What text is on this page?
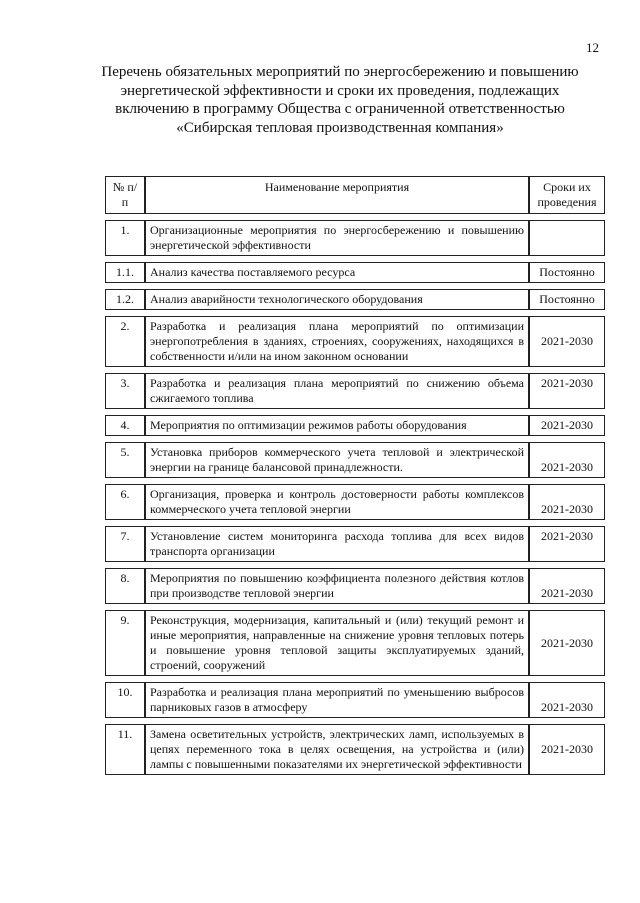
12
Перечень обязательных мероприятий по энергосбережению и повышению
энергетической эффективности и сроки их проведения, подлежащих
включению в программу Общества с ограниченной ответственностью
«Сибирская тепловая производственная компания»
№ п/п	Наименование мероприятия	Сроки их проведения
1.	Организационные мероприятия по энергосбережению и повышению энергетической эффективности	
1.1.	Анализ качества поставляемого ресурса	Постоянно
1.2.	Анализ аварийности технологического оборудования	Постоянно
2.	Разработка и реализация плана мероприятий по оптимизации энергопотребления в зданиях, строениях, сооружениях, находящихся в собственности и/или на ином законном основании	2021-2030
3.	Разработка и реализация плана мероприятий по снижению объема сжигаемого топлива	2021-2030
4.	Мероприятия по оптимизации режимов работы оборудования	2021-2030
5.	Установка приборов коммерческого учета тепловой и электрической энергии на границе балансовой принадлежности.	2021-2030
6.	Организация, проверка и контроль достоверности работы комплексов коммерческого учета тепловой энергии	2021-2030
7.	Установление систем мониторинга расхода топлива для всех видов транспорта организации	2021-2030
8.	Мероприятия по повышению коэффициента полезного действия котлов при производстве тепловой энергии	2021-2030
9.	Реконструкция, модернизация, капитальный и (или) текущий ремонт и иные мероприятия, направленные на снижение уровня тепловых потерь и повышение уровня тепловой защиты эксплуатируемых зданий, строений, сооружений	2021-2030
10.	Разработка и реализация плана мероприятий по уменьшению выбросов парниковых газов в атмосферу	2021-2030
11.	Замена осветительных устройств, электрических ламп, используемых в цепях переменного тока в целях освещения, на устройства и (или) лампы с повышенными показателями их энергетической эффективности	2021-2030
